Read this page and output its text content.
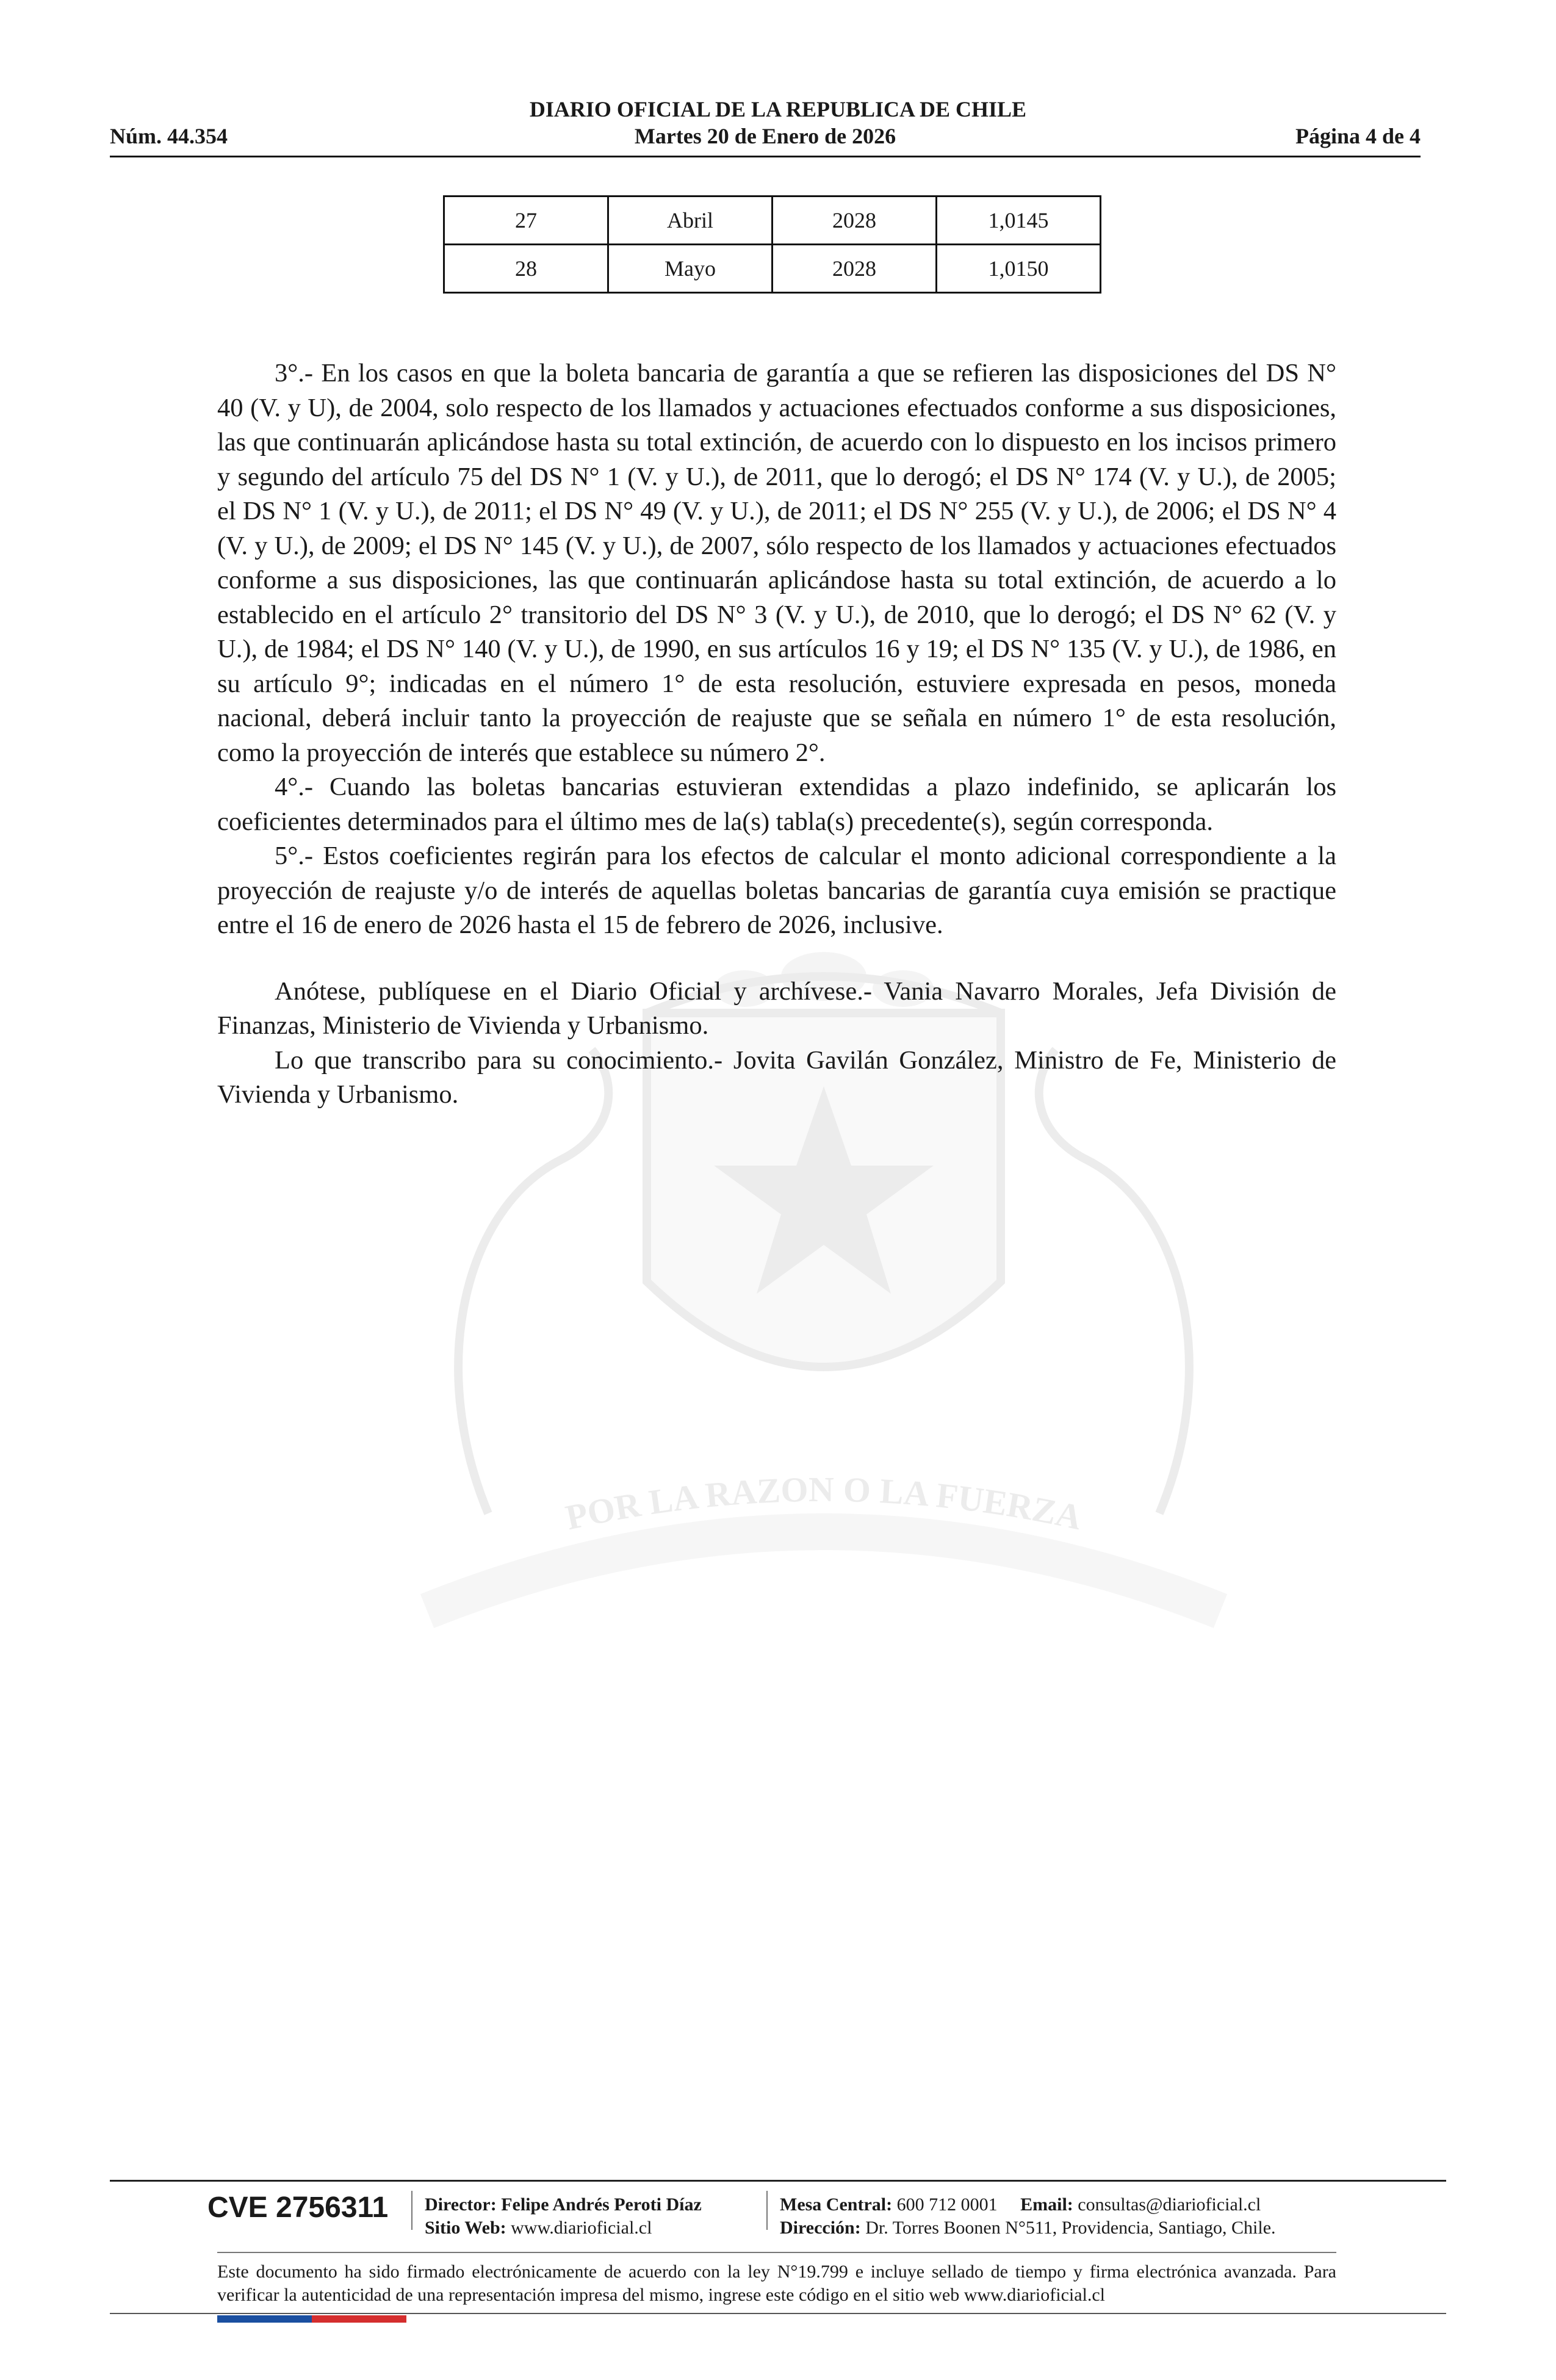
POR LA RAZON O LA FUERZA
DIARIO OFICIAL DE LA REPUBLICA DE CHILE
Núm. 44.354	Martes 20 de Enero de 2026	Página 4 de 4
27	Abril	2028	1,0145
28	Mayo	2028	1,0150

3°.- En los casos en que la boleta bancaria de garantía a que se refieren las disposiciones del DS N° 40 (V. y U), de 2004, solo respecto de los llamados y actuaciones efectuados conforme a sus disposiciones, las que continuarán aplicándose hasta su total extinción, de acuerdo con lo dispuesto en los incisos primero y segundo del artículo 75 del DS N° 1 (V. y U.), de 2011, que lo derogó; el DS N° 174 (V. y U.), de 2005; el DS N° 1 (V. y U.), de 2011; el DS N° 49 (V. y U.), de 2011; el DS N° 255 (V. y U.), de 2006; el DS N° 4 (V. y U.), de 2009; el DS N° 145 (V. y U.), de 2007, sólo respecto de los llamados y actuaciones efectuados conforme a sus disposiciones, las que continuarán aplicándose hasta su total extinción, de acuerdo a lo establecido en el artículo 2° transitorio del DS N° 3 (V. y U.), de 2010, que lo derogó; el DS N° 62 (V. y U.), de 1984; el DS N° 140 (V. y U.), de 1990, en sus artículos 16 y 19; el DS N° 135 (V. y U.), de 1986, en su artículo 9°; indicadas en el número 1° de esta resolución, estuviere expresada en pesos, moneda nacional, deberá incluir tanto la proyección de reajuste que se señala en número 1° de esta resolución, como la proyección de interés que establece su número 2°.

4°.- Cuando las boletas bancarias estuvieran extendidas a plazo indefinido, se aplicarán los coeficientes determinados para el último mes de la(s) tabla(s) precedente(s), según corresponda.

5°.- Estos coeficientes regirán para los efectos de calcular el monto adicional correspondiente a la proyección de reajuste y/o de interés de aquellas boletas bancarias de garantía cuya emisión se practique entre el 16 de enero de 2026 hasta el 15 de febrero de 2026, inclusive.

Anótese, publíquese en el Diario Oficial y archívese.- Vania Navarro Morales, Jefa División de Finanzas, Ministerio de Vivienda y Urbanismo.

Lo que transcribo para su conocimiento.- Jovita Gavilán González, Ministro de Fe, Ministerio de Vivienda y Urbanismo.

CVE 2756311 Director: Felipe Andrés Peroti Díaz
Sitio Web: www.diarioficial.cl
Mesa Central: 600 712 0001 Email: consultas@diarioficial.cl
Dirección: Dr. Torres Boonen N°511, Providencia, Santiago, Chile.
Este documento ha sido firmado electrónicamente de acuerdo con la ley N°19.799 e incluye sellado de tiempo y firma electrónica avanzada. Para verificar la autenticidad de una representación impresa del mismo, ingrese este código en el sitio web www.diarioficial.cl
